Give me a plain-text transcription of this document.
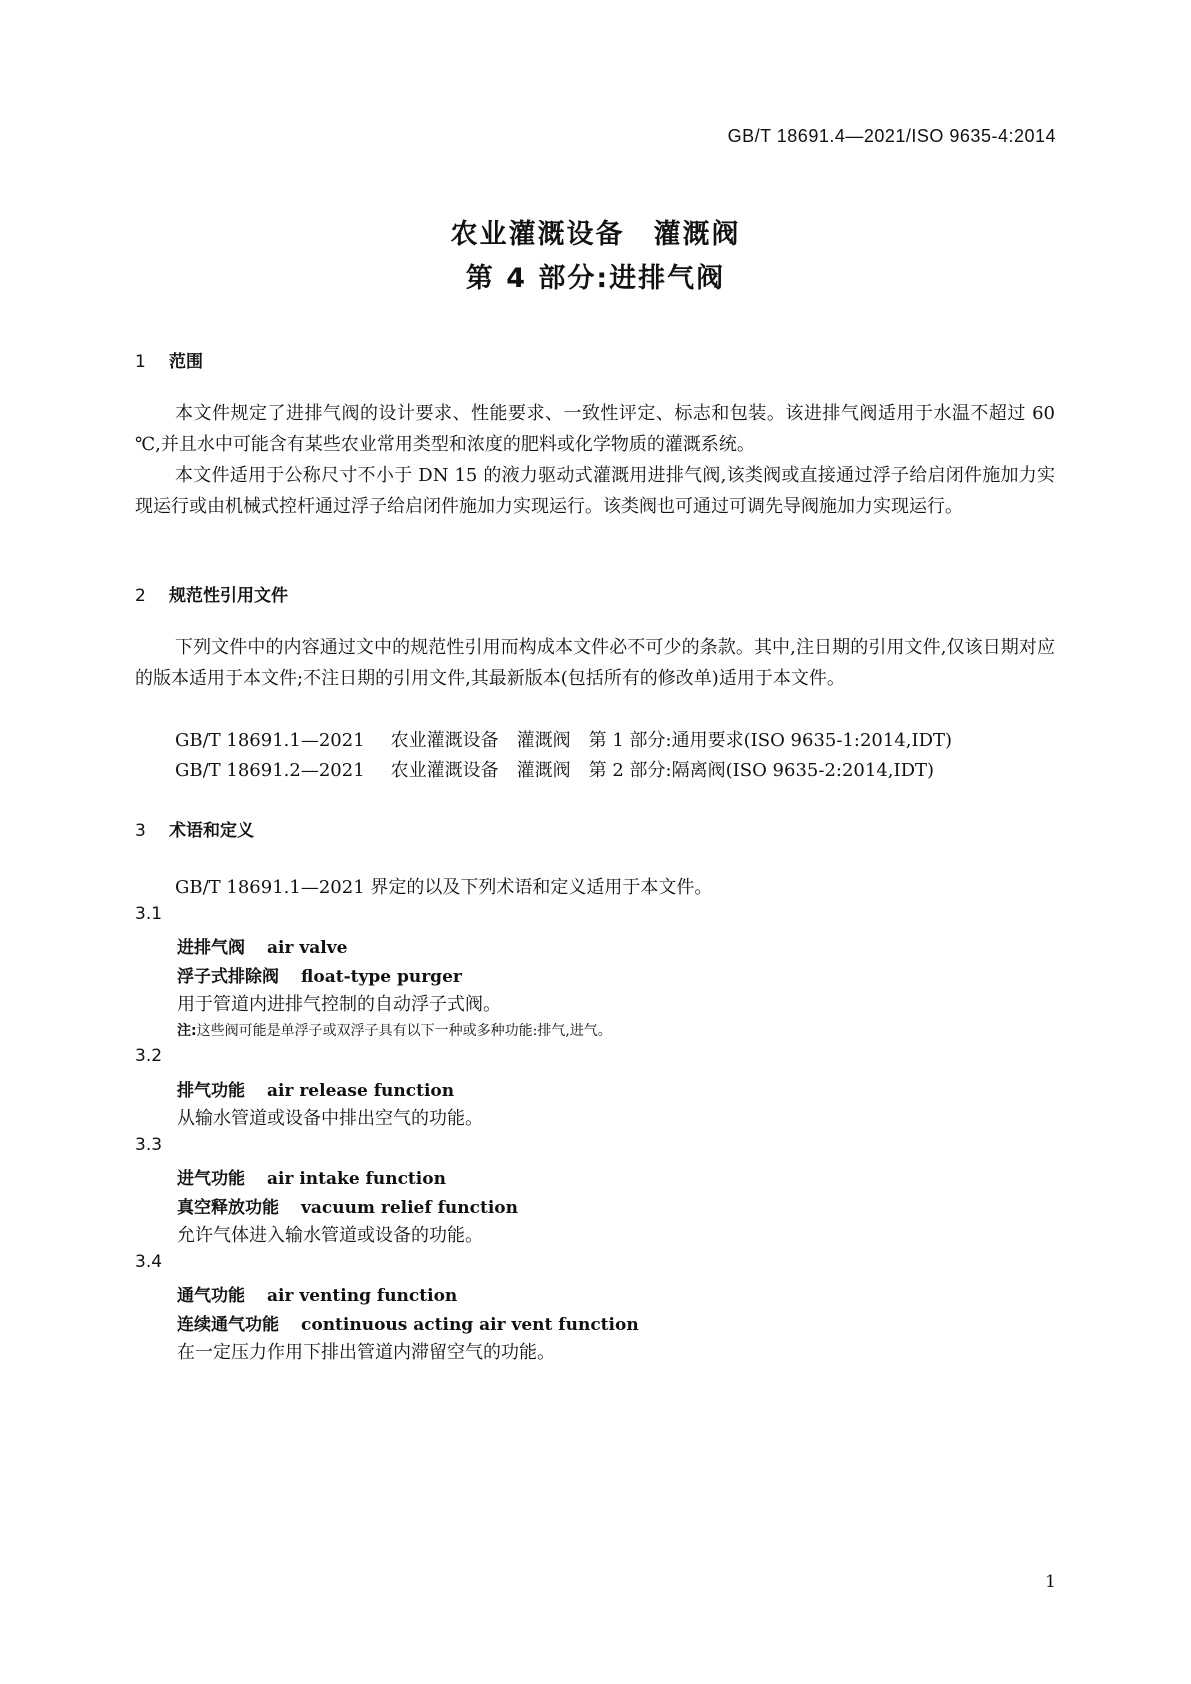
GB/T 18691.4—2021/ISO 9635-4:2014
农业灌溉设备　灌溉阀
第 4 部分:进排气阀
1 范围

本文件规定了进排气阀的设计要求、性能要求、一致性评定、标志和包装。该进排气阀适用于水温不超过 60 ℃,并且水中可能含有某些农业常用类型和浓度的肥料或化学物质的灌溉系统。

本文件适用于公称尺寸不小于 DN 15 的液力驱动式灌溉用进排气阀,该类阀或直接通过浮子给启闭件施加力实现运行或由机械式控杆通过浮子给启闭件施加力实现运行。该类阀也可通过可调先导阀施加力实现运行。

2 规范性引用文件

下列文件中的内容通过文中的规范性引用而构成本文件必不可少的条款。其中,注日期的引用文件,仅该日期对应的版本适用于本文件;不注日期的引用文件,其最新版本(包括所有的修改单)适用于本文件。

GB/T 18691.1—2021 农业灌溉设备　灌溉阀　第 1 部分:通用要求(ISO 9635-1:2014,IDT)
GB/T 18691.2—2021 农业灌溉设备　灌溉阀　第 2 部分:隔离阀(ISO 9635-2:2014,IDT)
3 术语和定义
GB/T 18691.1—2021 界定的以及下列术语和定义适用于本文件。
3.1
进排气阀 air valve
浮子式排除阀 float-type purger
用于管道内进排气控制的自动浮子式阀。
注:这些阀可能是单浮子或双浮子具有以下一种或多种功能:排气,进气。
3.2
排气功能 air release function
从输水管道或设备中排出空气的功能。
3.3
进气功能 air intake function
真空释放功能 vacuum relief function
允许气体进入输水管道或设备的功能。
3.4
通气功能 air venting function
连续通气功能 continuous acting air vent function
在一定压力作用下排出管道内滞留空气的功能。
1
